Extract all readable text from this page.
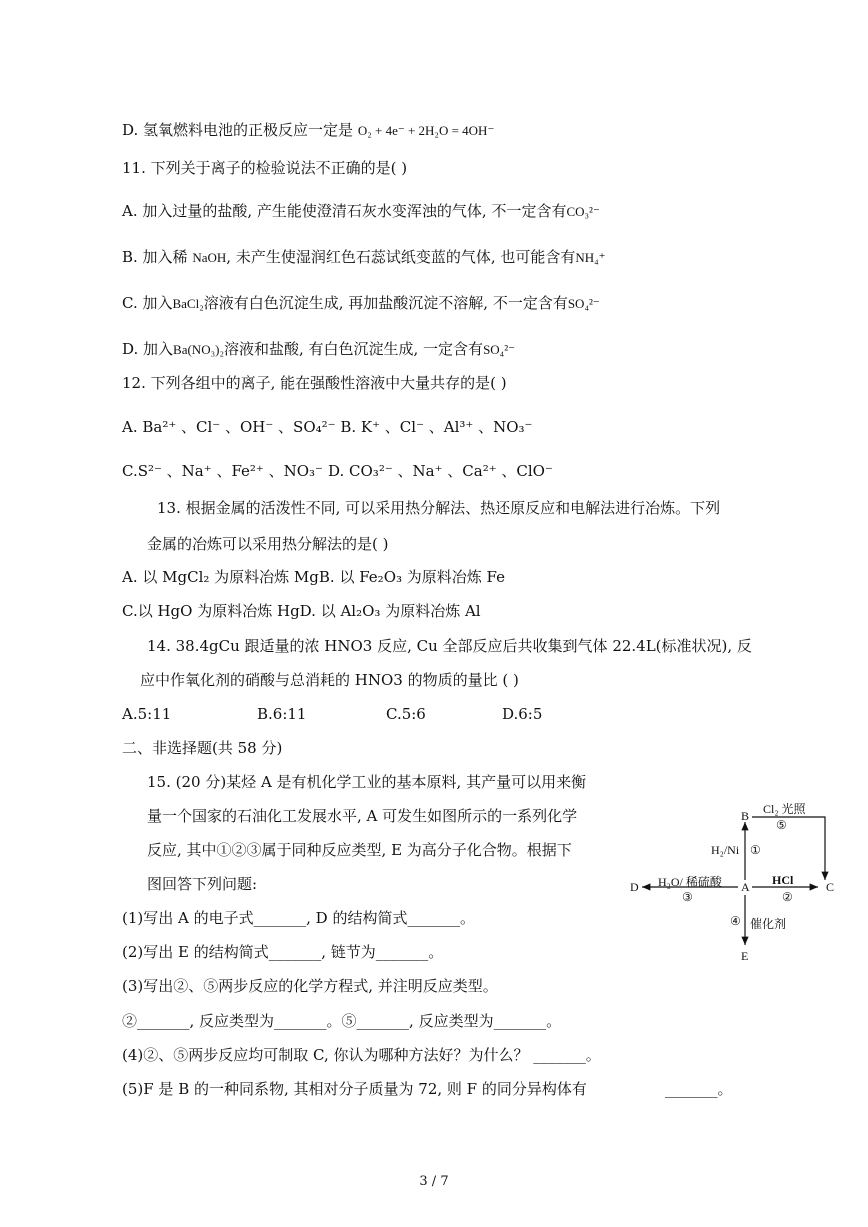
D. 氢氧燃料电池的正极反应一定是 O₂ + 4e⁻ + 2H₂O = 4OH⁻
11. 下列关于离子的检验说法不正确的是( )
A. 加入过量的盐酸, 产生能使澄清石灰水变浑浊的气体, 不一定含有CO₃²⁻
B. 加入稀 NaOH, 未产生使湿润红色石蕊试纸变蓝的气体, 也可能含有NH₄⁺
C. 加入BaCl₂溶液有白色沉淀生成, 再加盐酸沉淀不溶解, 不一定含有SO₄²⁻
D. 加入Ba(NO₃)₂溶液和盐酸, 有白色沉淀生成, 一定含有SO₄²⁻
12. 下列各组中的离子, 能在强酸性溶液中大量共存的是( )
A. Ba²⁺ 、Cl⁻ 、OH⁻ 、SO₄²⁻ B. K⁺ 、Cl⁻ 、Al³⁺ 、NO₃⁻
C.S²⁻ 、Na⁺ 、Fe²⁺ 、NO₃⁻ D. CO₃²⁻ 、Na⁺ 、Ca²⁺ 、ClO⁻
13. 根据金属的活泼性不同, 可以采用热分解法、热还原反应和电解法进行冶炼。下列
金属的冶炼可以采用热分解法的是( )
A. 以 MgCl₂ 为原料冶炼 MgB. 以 Fe₂O₃ 为原料冶炼 Fe
C.以 HgO 为原料冶炼 HgD. 以 Al₂O₃ 为原料冶炼 Al
14. 38.4gCu 跟适量的浓 HNO3 反应, Cu 全部反应后共收集到气体 22.4L(标准状况), 反
应中作氧化剂的硝酸与总消耗的 HNO3 的物质的量比 ( )
A.5:11	B.6:11	C.5:6	D.6:5
二、非选择题(共 58 分)
15. (20 分)某烃 A 是有机化学工业的基本原料, 其产量可以用来衡
量一个国家的石油化工发展水平, A 可发生如图所示的一系列化学
反应, 其中①②③属于同种反应类型, E 为高分子化合物。根据下
图回答下列问题:
(1)写出 A 的电子式_______, D 的结构简式_______。
(2)写出 E 的结构简式_______, 链节为_______。
(3)写出②、⑤两步反应的化学方程式, 并注明反应类型。
②_______, 反应类型为_______。⑤_______, 反应类型为_______。
(4)②、⑤两步反应均可制取 C, 你认为哪种方法好？为什么？ _______。
(5)F 是 B 的一种同系物, 其相对分子质量为 72, 则 F 的同分异构体有	_______。
B Cl₂ 光照
⑤
H₂/Ni ①
A HCl
②
C
D H₂O/ 稀硫酸
③
④ 催化剂
E
3 / 7
